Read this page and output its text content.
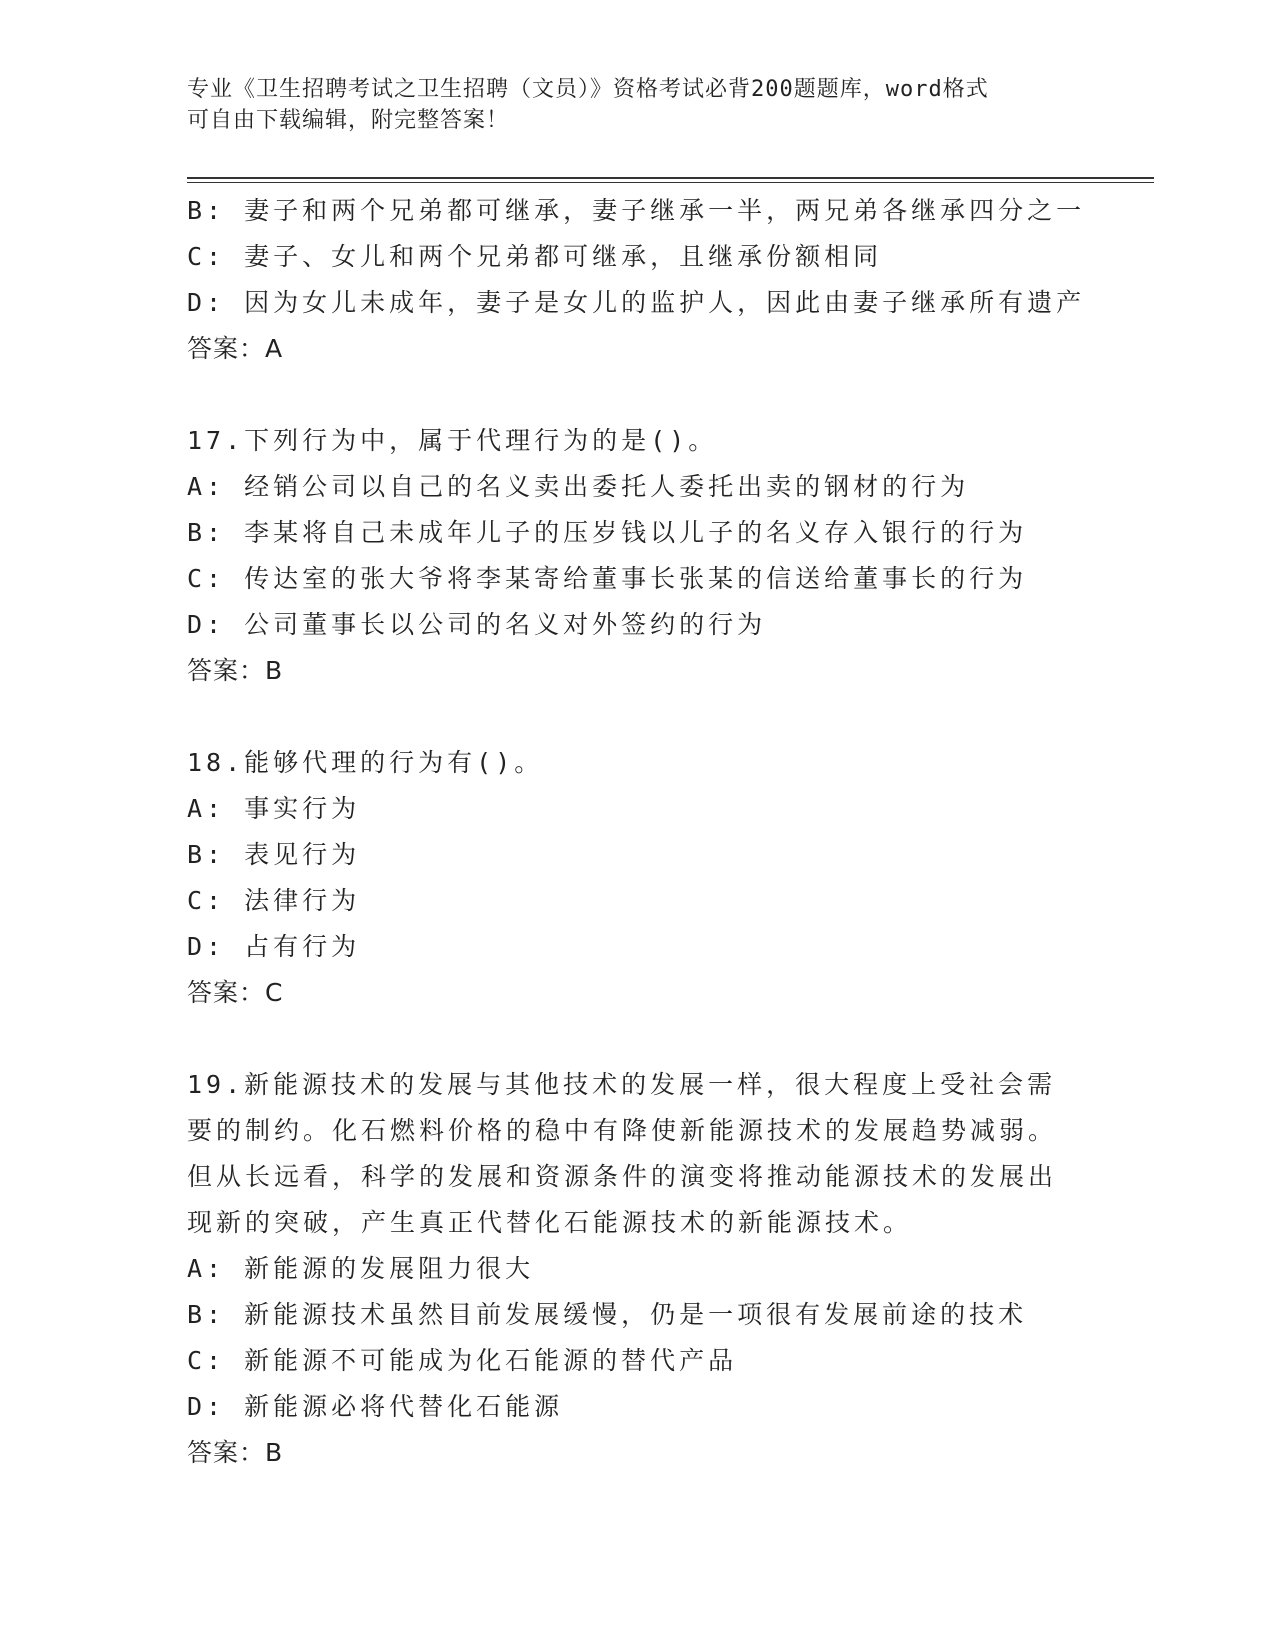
专业《卫生招聘考试之卫生招聘（文员）》资格考试必背200题题库，word格式
可自由下载编辑，附完整答案！
B: 妻子和两个兄弟都可继承，妻子继承一半，两兄弟各继承四分之一
C: 妻子、女儿和两个兄弟都可继承，且继承份额相同
D: 因为女儿未成年，妻子是女儿的监护人，因此由妻子继承所有遗产
答案：A
17.下列行为中，属于代理行为的是()。
A: 经销公司以自己的名义卖出委托人委托出卖的钢材的行为
B: 李某将自己未成年儿子的压岁钱以儿子的名义存入银行的行为
C: 传达室的张大爷将李某寄给董事长张某的信送给董事长的行为
D: 公司董事长以公司的名义对外签约的行为
答案：B
18.能够代理的行为有()。
A: 事实行为
B: 表见行为
C: 法律行为
D: 占有行为
答案：C
19.新能源技术的发展与其他技术的发展一样，很大程度上受社会需要的制约。化石燃料价格的稳中有降使新能源技术的发展趋势减弱。但从长远看，科学的发展和资源条件的演变将推动能源技术的发展出现新的突破，产生真正代替化石能源技术的新能源技术。
A: 新能源的发展阻力很大
B: 新能源技术虽然目前发展缓慢，仍是一项很有发展前途的技术
C: 新能源不可能成为化石能源的替代产品
D: 新能源必将代替化石能源
答案：B
